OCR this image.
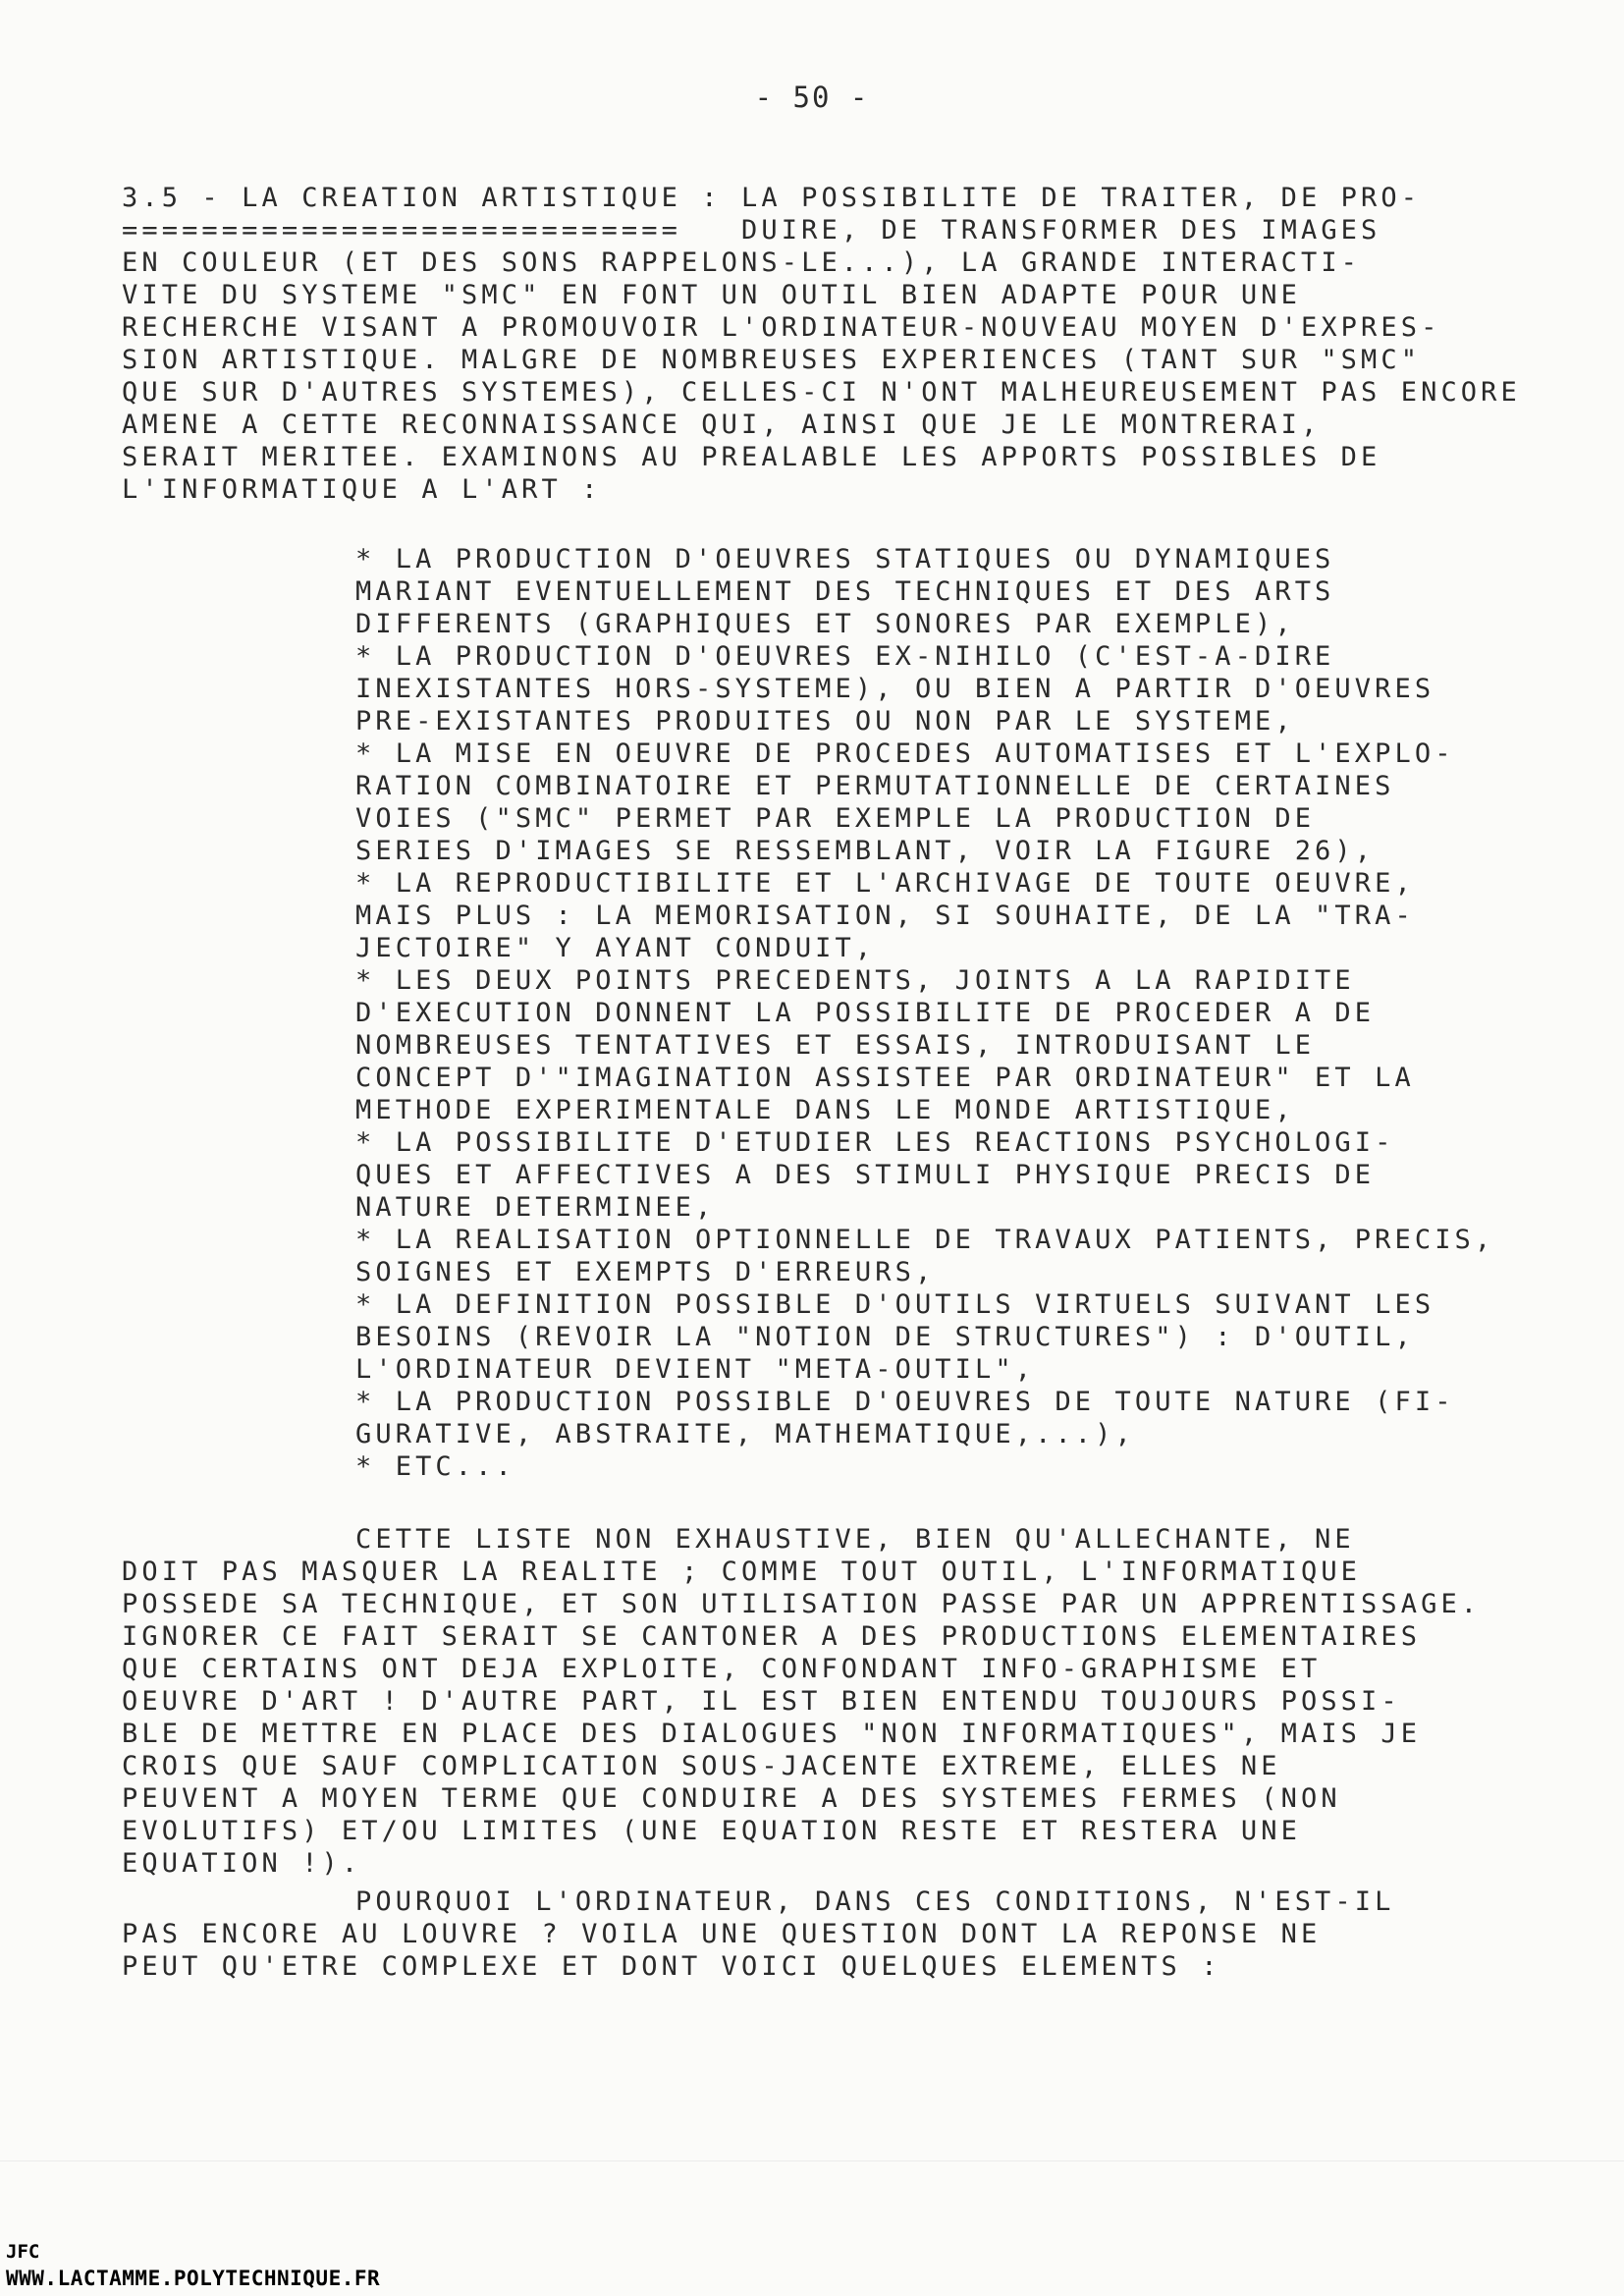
- 50 -
3.5 - LA CREATION ARTISTIQUE : LA POSSIBILITE DE TRAITER, DE PRO-
============================   DUIRE, DE TRANSFORMER DES IMAGES
EN COULEUR (ET DES SONS RAPPELONS-LE...), LA GRANDE INTERACTI-
VITE DU SYSTEME "SMC" EN FONT UN OUTIL BIEN ADAPTE POUR UNE
RECHERCHE VISANT A PROMOUVOIR L'ORDINATEUR-NOUVEAU MOYEN D'EXPRES-
SION ARTISTIQUE. MALGRE DE NOMBREUSES EXPERIENCES (TANT SUR "SMC"
QUE SUR D'AUTRES SYSTEMES), CELLES-CI N'ONT MALHEUREUSEMENT PAS ENCORE
AMENE A CETTE RECONNAISSANCE QUI, AINSI QUE JE LE MONTRERAI,
SERAIT MERITEE. EXAMINONS AU PREALABLE LES APPORTS POSSIBLES DE
L'INFORMATIQUE A L'ART :
* LA PRODUCTION D'OEUVRES STATIQUES OU DYNAMIQUES
MARIANT EVENTUELLEMENT DES TECHNIQUES ET DES ARTS
DIFFERENTS (GRAPHIQUES ET SONORES PAR EXEMPLE),
* LA PRODUCTION D'OEUVRES EX-NIHILO (C'EST-A-DIRE
INEXISTANTES HORS-SYSTEME), OU BIEN A PARTIR D'OEUVRES
PRE-EXISTANTES PRODUITES OU NON PAR LE SYSTEME,
* LA MISE EN OEUVRE DE PROCEDES AUTOMATISES ET L'EXPLO-
RATION COMBINATOIRE ET PERMUTATIONNELLE DE CERTAINES
VOIES ("SMC" PERMET PAR EXEMPLE LA PRODUCTION DE
SERIES D'IMAGES SE RESSEMBLANT, VOIR LA FIGURE 26),
* LA REPRODUCTIBILITE ET L'ARCHIVAGE DE TOUTE OEUVRE,
MAIS PLUS : LA MEMORISATION, SI SOUHAITE, DE LA "TRA-
JECTOIRE" Y AYANT CONDUIT,
* LES DEUX POINTS PRECEDENTS, JOINTS A LA RAPIDITE
D'EXECUTION DONNENT LA POSSIBILITE DE PROCEDER A DE
NOMBREUSES TENTATIVES ET ESSAIS, INTRODUISANT LE
CONCEPT D'"IMAGINATION ASSISTEE PAR ORDINATEUR" ET LA
METHODE EXPERIMENTALE DANS LE MONDE ARTISTIQUE,
* LA POSSIBILITE D'ETUDIER LES REACTIONS PSYCHOLOGI-
QUES ET AFFECTIVES A DES STIMULI PHYSIQUE PRECIS DE
NATURE DETERMINEE,
* LA REALISATION OPTIONNELLE DE TRAVAUX PATIENTS, PRECIS,
SOIGNES ET EXEMPTS D'ERREURS,
* LA DEFINITION POSSIBLE D'OUTILS VIRTUELS SUIVANT LES
BESOINS (REVOIR LA "NOTION DE STRUCTURES") : D'OUTIL,
L'ORDINATEUR DEVIENT "META-OUTIL",
* LA PRODUCTION POSSIBLE D'OEUVRES DE TOUTE NATURE (FI-
GURATIVE, ABSTRAITE, MATHEMATIQUE,...),
* ETC...
CETTE LISTE NON EXHAUSTIVE, BIEN QU'ALLECHANTE, NE
DOIT PAS MASQUER LA REALITE ; COMME TOUT OUTIL, L'INFORMATIQUE
POSSEDE SA TECHNIQUE, ET SON UTILISATION PASSE PAR UN APPRENTISSAGE.
IGNORER CE FAIT SERAIT SE CANTONER A DES PRODUCTIONS ELEMENTAIRES
QUE CERTAINS ONT DEJA EXPLOITE, CONFONDANT INFO-GRAPHISME ET
OEUVRE D'ART ! D'AUTRE PART, IL EST BIEN ENTENDU TOUJOURS POSSI-
BLE DE METTRE EN PLACE DES DIALOGUES "NON INFORMATIQUES", MAIS JE
CROIS QUE SAUF COMPLICATION SOUS-JACENTE EXTREME, ELLES NE
PEUVENT A MOYEN TERME QUE CONDUIRE A DES SYSTEMES FERMES (NON
EVOLUTIFS) ET/OU LIMITES (UNE EQUATION RESTE ET RESTERA UNE
EQUATION !).
POURQUOI L'ORDINATEUR, DANS CES CONDITIONS, N'EST-IL
PAS ENCORE AU LOUVRE ? VOILA UNE QUESTION DONT LA REPONSE NE
PEUT QU'ETRE COMPLEXE ET DONT VOICI QUELQUES ELEMENTS :
JFC
WWW.LACTAMME.POLYTECHNIQUE.FR
